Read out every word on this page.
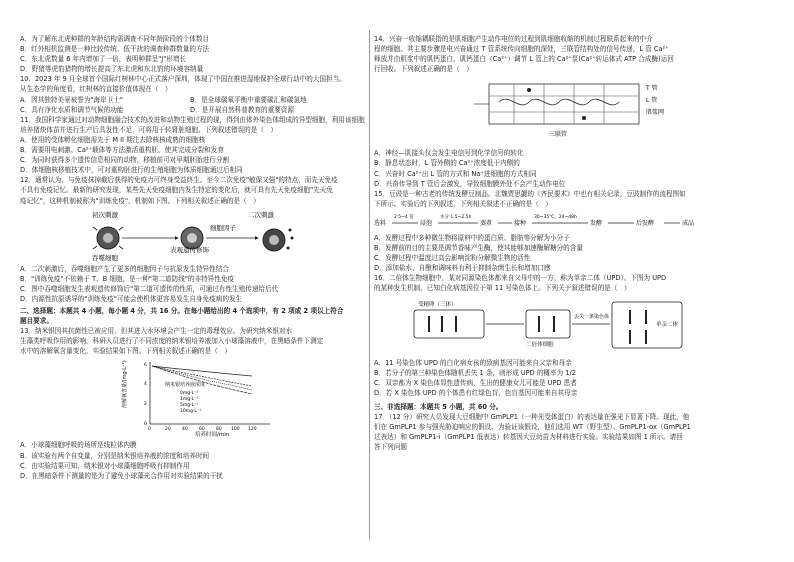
A．为了解东北虎种群的年龄结构需调查不同年龄阶段的个体数目

B．红外相机监测是一种比较传统、低干扰的调查种群数量的方法

C．东北虎数量 6 年内增加了一倍，表明种群呈"J"形增长

D．野猪等虎豹猎物的增长提高了东北虎和东北豹的环境容纳量

10．2023 年 9 月全球首个国际红树林中心正式落户深圳，体现了中国在推进湿地保护全球行动中的大国担当。

从生态学的角度看，红树林的直接价值体现在（　）

A．因其独特美景被誉为"海岸卫士"	B．是全球碳氧平衡中重要碳汇和碳氢地
C．具有净化水质和调节气候的功能	D．是开展自然科普教育的重要资源

11．我国科学家通过对动物细胞融合技术的改进和动物生殖过程的现，得到由体外染色体组成的异型细胞，利用该细胞

培养猪炔体苗并进行生产后具发性不足，可将用于转肾脏细胞。下列叙述错误的是（　）

A．使用的受体孵化细胞需先于 M II 期注去除核核成熟的细胞核

B．需要用电刺激、Ca²⁺载体等方法激活重构胚，使其完成分裂和发育

C．为同时获得多个遗传信息相同的动物，移植前可对早期胚胎进行分割

D．体细胞核移植技术中，可对重构胚进行的生殖细胞为体质细胞通过后相同

12．通常认为，与免疫抹掉截后获得的免疫力可终身受益终生。至今二次免疫"敏保又强"的特点，而先天免疫

不具有免疫记忆。最新的研究发现，某些先天免疫细胞内发生特定的变化后，就可具有先天免疫细胞"先天免

疫记忆"，这种机制被称为"训练免疫"，机制如下图。下列相关叙述正确的是（　）

初次刺激	二次刺激
细胞因子
表观遗传修饰
吞噬细胞

A．二次刺激后，吞噬细胞产生了更多的细胞因子与抗原发生特异性结合

B．"训练免疫"不依赖于 T、B 细胞，是一种"第二道防线"的非特异性免疫

C．图中吞噬细胞发生表观遗传修饰后"第二道可遗传的性质，可通过有性生殖传递给后代

D．内源性抗原诱导的"训练免疫"可能会使机体更容易发生自身免疫病的发生

二、选择题：本题共 4 小题，每小题 4 分，共 16 分。在每小题给出的 4 个选项中，有 2 项或 2 项以上符合

题目要求。

13．纳米银因其抗菌性已被应用，但其进入水环境会产生一定的毒理效应。为研究纳米银对水

生藻类呼吸作用的影响，科研人员进行了不同浓度的纳米银培养液加入小球藻溶液中，在黑暗条件下测定

水中的溶解氧含量变化，实验结果如下图。下列相关叙述正确的是（　）

溶解氧含量/(mg·L⁻¹)
培养时间/min
0	20	40	60	80 100 120
0
2
4
6
纳米银培养液浓度
0mg·L⁻¹
1mg·L⁻¹
5mg·L⁻¹
10mg·L⁻¹

A．小球藻细胞呼吸的场所是线粒体内膜

B．该实验有两个自变量，分别是纳米银培养液的浓度和培养时间

C．由实验结果可知，纳米银对小球藻细胞呼吸有抑制作用

D．在黑暗条件下测量的是为了避免小球藻光合作用对实验结果的干扰

14．兴奋一收缩耦联指的是肌细胞产生动作电位的过程到肌细胞收缩的机制过程联系起来的中介

程的细胞。其主要步骤是电兴奋通过 T 管系统传向细胞的深处，三联管结构处的信号传递，L 管 Ca²⁺

释放并由肌浆中的肌钙蛋白，肌钙蛋白（Ca²⁺）调节 L 管上的 Ca²⁺泵(Ca²⁺转运体式 ATP 合成酶)运回

行回收。下列叙述正确的是（　）

T 管
L 管
肌浆网
三联管

A．神经—肌接头仅会发生电信号到化学信号的转化

B．静息状态时，L 管外侧的 Ca²⁺浓度低于内侧的

C．兴奋时 Ca²⁺出 L 管的方式和 Na⁺进细胞的方式相同

D．兴奋传导到 T 管后会激发，导致细胞膜外处不会产生动作电位

15．豆豉是一种古老的传统发酵豆制品。北魏贾思勰的《齐民要术》中也有相关记录。豆豉制作的流程图如

下所示。实验后的下列叙述，下列相关叙述不正确的是（　）

选料
2.5~4 倍
浸泡
水分 1.5~2.5h
蒸煮	接种
30~35℃，24~48h
发酵	后发酵	成品

A．发酵过程中多种微生物将原料中的蛋白质、脂肪等分解为小分子

B．发酵前的目的主要是调节香味产生酶，使其能够加速酶解糖分的含量

C．发酵过程中温度过高会影响淀粉分解微生物的活性

D．添加盐水、自酿和调味料有利于抑制杂菌生长和增加口感

16．二倍体生物细胞中，某对同源染色体都来自父母中的一方，称为单亲二体（UPD）。下图为 UPD

的某种发生机制，已知白化病基因位于第 11 号染色体上。下列关于叙述错误的是（　）

受精卵（三体）
二倍体细胞
丢失一条染色体
单亲二体

A．11 号染色体 UPD 的白化病女孩的致病基因可能来自父亲和母亲

B．若分子的第三种染色体随机丢失 1 条，则形成 UPD 的概率为 1/2

C．双亲都为 X 染色体显性遗传病，生出的健康女儿可能是 UPD 患者

D．若 X 染色体 UPD 的个体患有红绿色盲，色盲基因可能来自其母亲

三、非选择题：本题共 5 小题，共 60 分。

17．（12 分）研究人员发现大豆细胞中 GmPLP1（一种光受体蛋白）的表达量在强光下显著下降。现此，他

们在 GmPLP1 参与强光胁迫响应的假设，为验证该假设，他们选用 WT（野生型）、GmPLP1-ox（GmPLP1

过表达）和 GmPLP1-i（GmPLP1 低表达）转基因大豆幼苗为材料进行实验。实验结果如图 1 所示。请回

答下列问题
